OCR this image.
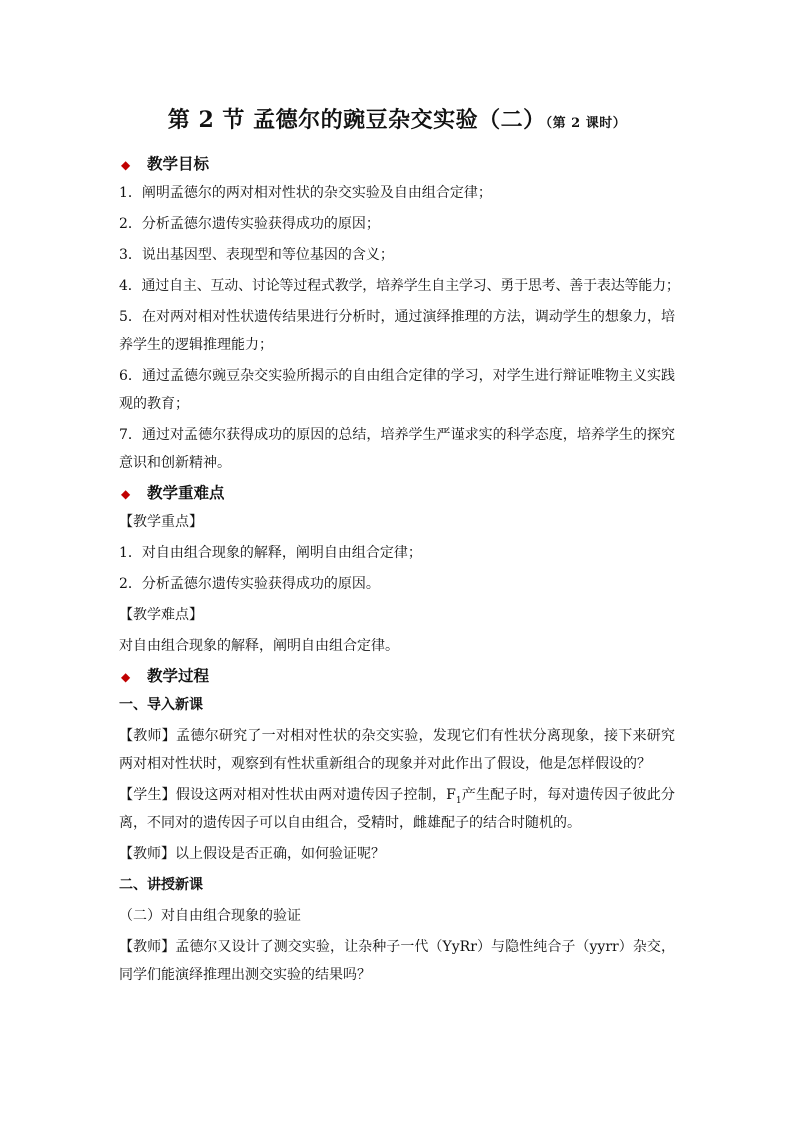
第 2 节 孟德尔的豌豆杂交实验（二）（第 2 课时）
◆ 教学目标
1．阐明孟德尔的两对相对性状的杂交实验及自由组合定律；
2．分析孟德尔遗传实验获得成功的原因；
3．说出基因型、表现型和等位基因的含义；
4．通过自主、互动、讨论等过程式教学，培养学生自主学习、勇于思考、善于表达等能力；
5．在对两对相对性状遗传结果进行分析时，通过演绎推理的方法，调动学生的想象力，培养学生的逻辑推理能力；
6．通过孟德尔豌豆杂交实验所揭示的自由组合定律的学习，对学生进行辩证唯物主义实践观的教育；
7．通过对孟德尔获得成功的原因的总结，培养学生严谨求实的科学态度，培养学生的探究意识和创新精神。
◆ 教学重难点
【教学重点】
1．对自由组合现象的解释，阐明自由组合定律；
2．分析孟德尔遗传实验获得成功的原因。
【教学难点】
对自由组合现象的解释，阐明自由组合定律。
◆ 教学过程
一、导入新课
【教师】孟德尔研究了一对相对性状的杂交实验，发现它们有性状分离现象，接下来研究两对相对性状时，观察到有性状重新组合的现象并对此作出了假设，他是怎样假设的？
【学生】假设这两对相对性状由两对遗传因子控制，$F_1$产生配子时，每对遗传因子彼此分离，不同对的遗传因子可以自由组合，受精时，雌雄配子的结合时随机的。
【教师】以上假设是否正确，如何验证呢？
二、讲授新课
（二）对自由组合现象的验证
【教师】孟德尔又设计了测交实验，让杂种子一代（YyRr）与隐性纯合子（yyrr）杂交，同学们能演绎推理出测交实验的结果吗？
